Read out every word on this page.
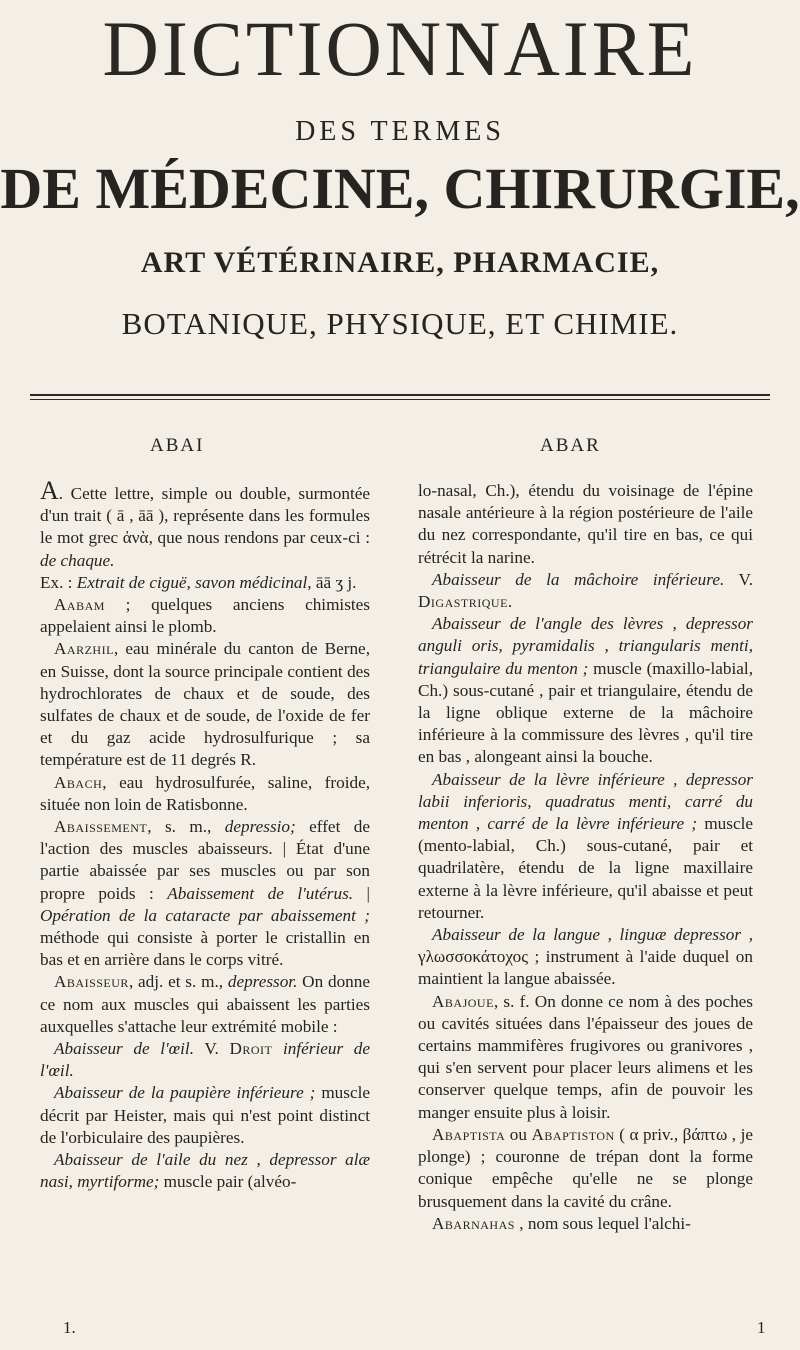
DICTIONNAIRE
DES TERMES
DE MÉDECINE, CHIRURGIE,
ART VÉTÉRINAIRE, PHARMACIE,
BOTANIQUE, PHYSIQUE, ET CHIMIE.
ABAI	ABAR

A. Cette lettre, simple ou double, surmontée d'un trait ( ā , āā ), représente dans les formules le mot grec ἀνὰ, que nous rendons par ceux-ci : de chaque.
Ex. : Extrait de ciguë, savon médicinal, āā ʒ j.

Aabam ; quelques anciens chimistes appelaient ainsi le plomb.

Aarzhil, eau minérale du canton de Berne, en Suisse, dont la source principale contient des hydrochlorates de chaux et de soude, des sulfates de chaux et de soude, de l'oxide de fer et du gaz acide hydrosulfurique ; sa température est de 11 degrés R.

Abach, eau hydrosulfurée, saline, froide, située non loin de Ratisbonne.

Abaissement, s. m., depressio; effet de l'action des muscles abaisseurs. | État d'une partie abaissée par ses muscles ou par son propre poids : Abaissement de l'utérus. | Opération de la cataracte par abaissement ; méthode qui consiste à porter le cristallin en bas et en arrière dans le corps vitré.

Abaisseur, adj. et s. m., depressor. On donne ce nom aux muscles qui abaissent les parties auxquelles s'attache leur extrémité mobile :

Abaisseur de l'œil. V. Droit inférieur de l'œil.

Abaisseur de la paupière inférieure ; muscle décrit par Heister, mais qui n'est point distinct de l'orbiculaire des paupières.

Abaisseur de l'aile du nez , depressor alæ nasi, myrtiforme; muscle pair (alvéo-

lo-nasal, Ch.), étendu du voisinage de l'épine nasale antérieure à la région postérieure de l'aile du nez correspondante, qu'il tire en bas, ce qui rétrécit la narine.

Abaisseur de la mâchoire inférieure. V. Digastrique.

Abaisseur de l'angle des lèvres , depressor anguli oris, pyramidalis , triangularis menti, triangulaire du menton ; muscle (maxillo-labial, Ch.) sous-cutané , pair et triangulaire, étendu de la ligne oblique externe de la mâchoire inférieure à la commissure des lèvres , qu'il tire en bas , alongeant ainsi la bouche.

Abaisseur de la lèvre inférieure , depressor labii inferioris, quadratus menti, carré du menton , carré de la lèvre inférieure ; muscle (mento-labial, Ch.) sous-cutané, pair et quadrilatère, étendu de la ligne maxillaire externe à la lèvre inférieure, qu'il abaisse et peut retourner.

Abaisseur de la langue , linguæ depressor , γλωσσοκάτοχος ; instrument à l'aide duquel on maintient la langue abaissée.

Abajoue, s. f. On donne ce nom à des poches ou cavités situées dans l'épaisseur des joues de certains mammifères frugivores ou granivores , qui s'en servent pour placer leurs alimens et les conserver quelque temps, afin de pouvoir les manger ensuite plus à loisir.

Abaptista ou Abaptiston ( α priv., βάπτω , je plonge) ; couronne de trépan dont la forme conique empêche qu'elle ne se plonge brusquement dans la cavité du crâne.

Abarnahas , nom sous lequel l'alchi-

1.	1
